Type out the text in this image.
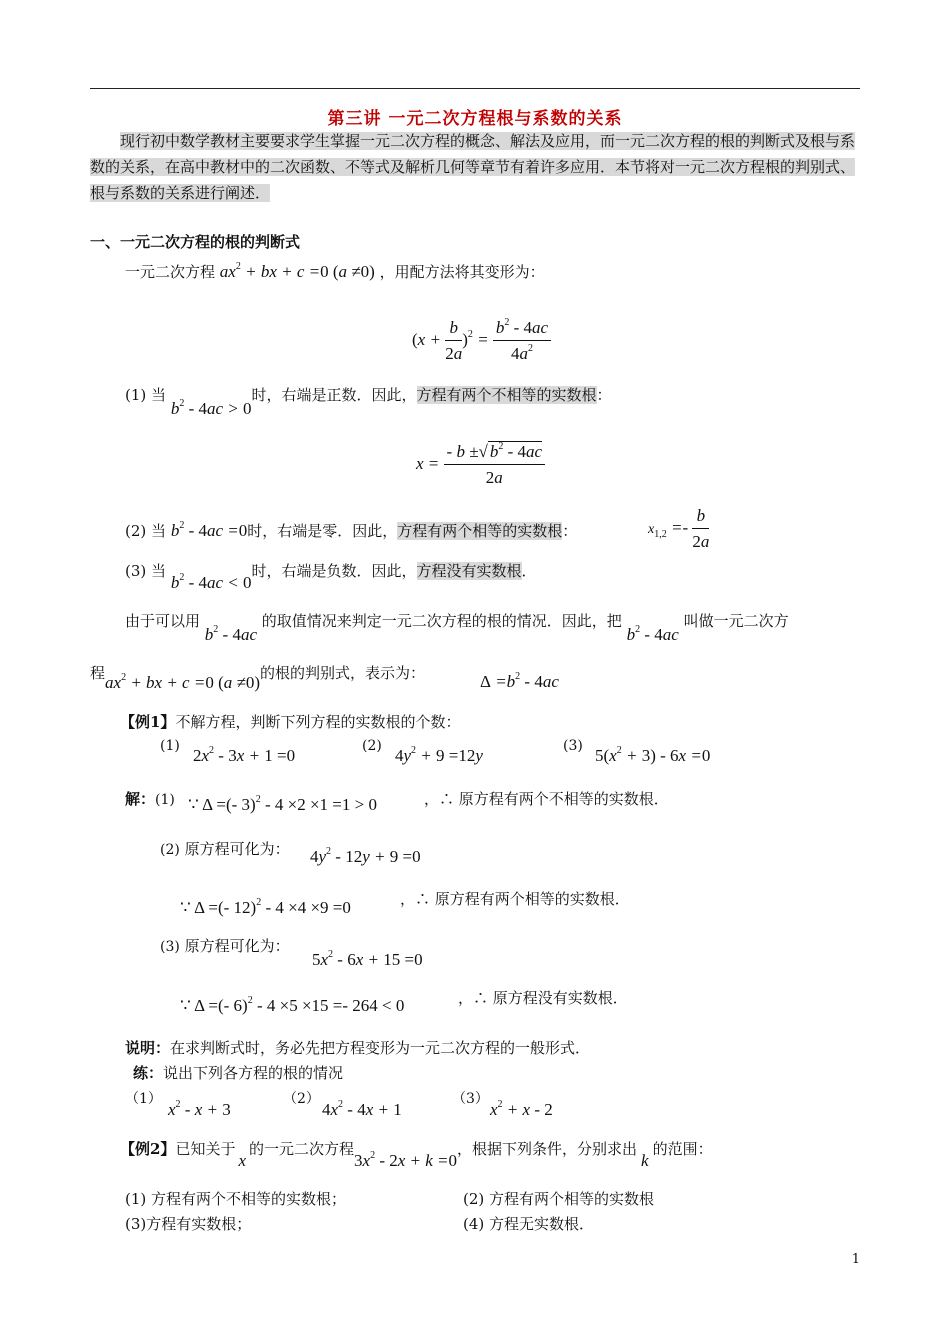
第三讲 一元二次方程根与系数的关系
现行初中数学教材主要要求学生掌握一元二次方程的概念、解法及应用，而一元二次方程的根的判断式及根与系数的关系，在高中教材中的二次函数、不等式及解析几何等章节有着许多应用．本节将对一元二次方程根的判别式、根与系数的关系进行阐述．
一、一元二次方程的根的判断式
一元二次方程 $ax^2$ + bx + c =0 (a ≠0) ，用配方法将其变形为：
$(x + \frac{b}{2a} )^2 = \frac{b^2 - 4ac}{4a^2}$
(1) 当 $b^2 - 4ac > 0$时，右端是正数．因此，方程有两个不相等的实数根：
$x = \frac{- b \pm√ b^2 - 4ac}{2a}$
(2) 当 $b^2 - 4ac =0$时，右端是零．因此，方程有两个相等的实数根：	$x_{1,2} =- \frac{b}{2a}$
(3) 当 $b^2 - 4ac < 0$时，右端是负数．因此，方程没有实数根．
由于可以用 $b^2 - 4ac$ 的取值情况来判定一元二次方程的根的情况．因此，把 $b^2 - 4ac$ 叫做一元二次方
程$ax^2$ + bx + c =0 (a ≠0)的根的判别式，表示为：	$\Delta =b^2 - 4ac$
【例1】不解方程，判断下列方程的实数根的个数：
(1) $2x^2 - 3x + 1 =0$	(2) $4y^2 + 9 =12y$	(3) $5(x^2 + 3) - 6x =0$
解：(1) ∵ Δ =(- 3)$^2$ - 4 ×2 ×1 =1 > 0	，∴ 原方程有两个不相等的实数根．
(2) 原方程可化为： $4y^2 - 12y + 9 =0$
∵ Δ =(- 12)$^2$ - 4 ×4 ×9 =0	，∴ 原方程有两个相等的实数根．
(3) 原方程可化为：
$5x^2 - 6x + 15 =0$
∵ Δ =(- 6)$^2$ - 4 ×5 ×15 =- 264 < 0	，∴ 原方程没有实数根．
说明：在求判断式时，务必先把方程变形为一元二次方程的一般形式．
练：说出下列各方程的根的情况
（1）
$x^2 - x + 3$
（2）
$4x^2 - 4x + 1$
（3）
$x^2 + x - 2$
【例2】已知关于x的一元二次方程$3x^2 - 2x + k =0$，根据下列条件，分别求出k的范围：
(1) 方程有两个不相等的实数根；	(2) 方程有两个相等的实数根
(3)方程有实数根；	(4) 方程无实数根．
1
